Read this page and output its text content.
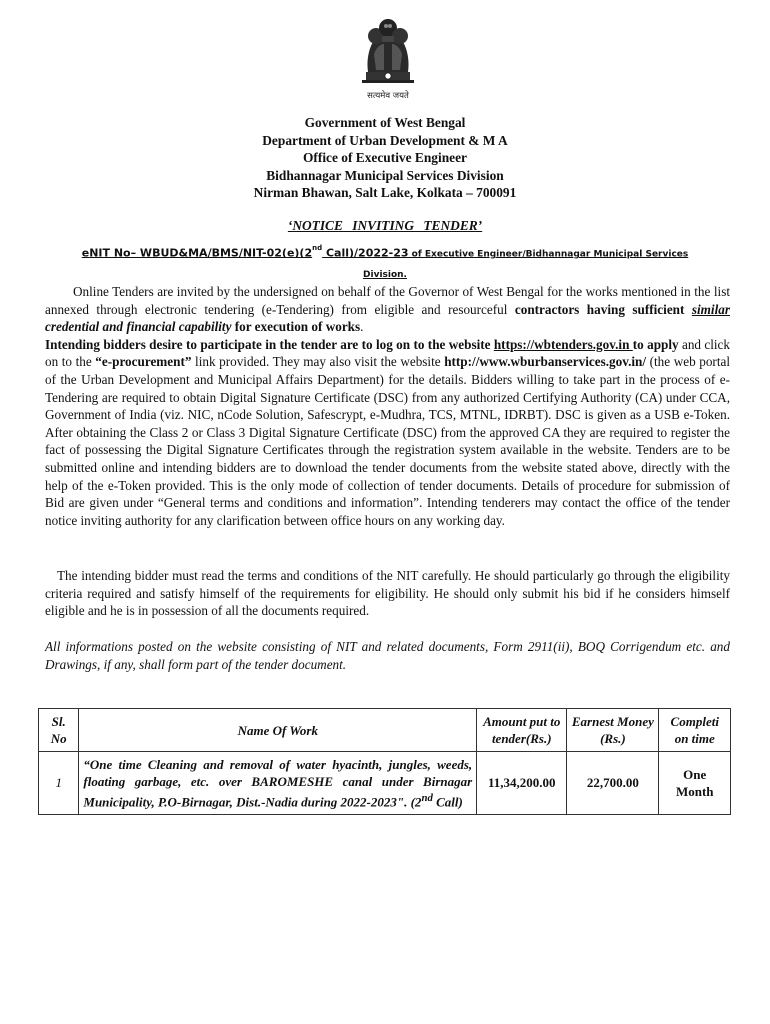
सत्यमेव जयते
Government of West Bengal
Department of Urban Development & M A
Office of Executive Engineer
Bidhannagar Municipal Services Division
Nirman Bhawan, Salt Lake, Kolkata – 700091
‘NOTICE INVITING TENDER’
eNIT No– WBUD&MA/BMS/NIT-02(e)(2nd Call)/2022-23 of Executive Engineer/Bidhannagar Municipal Services Division.
Online Tenders are invited by the undersigned on behalf of the Governor of West Bengal for the works mentioned in the list annexed through electronic tendering (e-Tendering) from eligible and resourceful contractors having sufficient similar credential and financial capability for execution of works.
Intending bidders desire to participate in the tender are to log on to the website https://wbtenders.gov.in to apply and click on to the “e-procurement” link provided. They may also visit the website http://www.wburbanservices.gov.in/ (the web portal of the Urban Development and Municipal Affairs Department) for the details. Bidders willing to take part in the process of e-Tendering are required to obtain Digital Signature Certificate (DSC) from any authorized Certifying Authority (CA) under CCA, Government of India (viz. NIC, nCode Solution, Safescrypt, e-Mudhra, TCS, MTNL, IDRBT). DSC is given as a USB e-Token. After obtaining the Class 2 or Class 3 Digital Signature Certificate (DSC) from the approved CA they are required to register the fact of possessing the Digital Signature Certificates through the registration system available in the website. Tenders are to be submitted online and intending bidders are to download the tender documents from the website stated above, directly with the help of the e-Token provided. This is the only mode of collection of tender documents. Details of procedure for submission of Bid are given under “General terms and conditions and information”. Intending tenderers may contact the office of the tender notice inviting authority for any clarification between office hours on any working day.
The intending bidder must read the terms and conditions of the NIT carefully. He should particularly go through the eligibility criteria required and satisfy himself of the requirements for eligibility. He should only submit his bid if he considers himself eligible and he is in possession of all the documents required.
All informations posted on the website consisting of NIT and related documents, Form 2911(ii), BOQ Corrigendum etc. and Drawings, if any, shall form part of the tender document.
Sl. No	Name Of Work	Amount put to tender(Rs.)	Earnest Money (Rs.)	Completi on time
1	“One time Cleaning and removal of water hyacinth, jungles, weeds, floating garbage, etc. over BAROMESHE canal under Birnagar Municipality, P.O-Birnagar, Dist.-Nadia during 2022-2023". (2nd Call)	11,34,200.00	22,700.00	One Month
